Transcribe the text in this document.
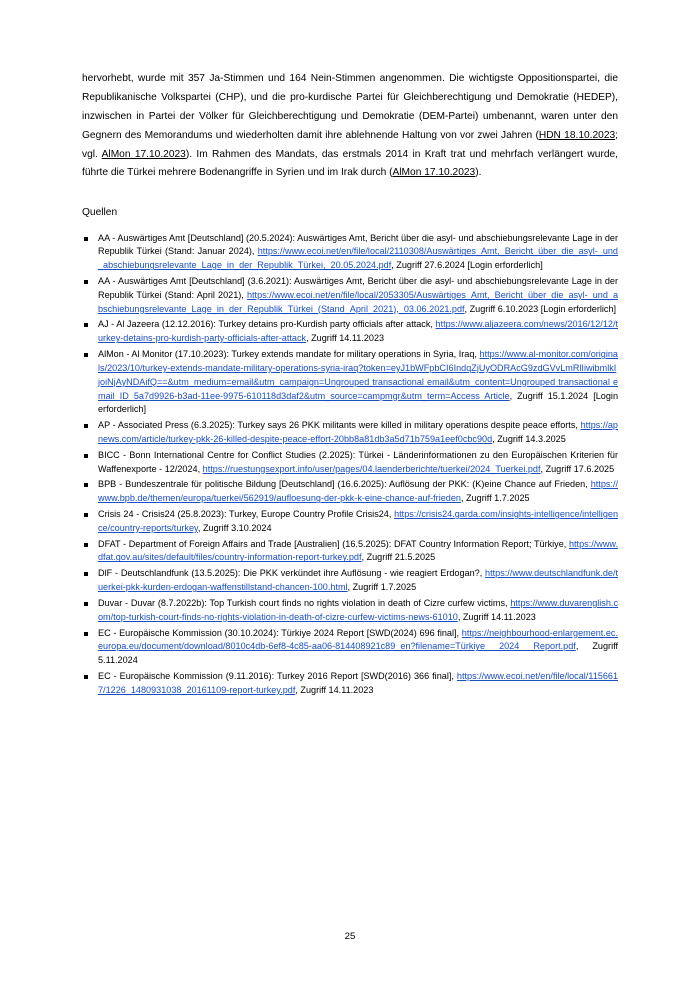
hervorhebt, wurde mit 357 Ja-Stimmen und 164 Nein-Stimmen angenommen. Die wichtigste Oppositionspartei, die Republikanische Volkspartei (CHP), und die pro-kurdische Partei für Gleichberechtigung und Demokratie (HEDEP), inzwischen in Partei der Völker für Gleichberechtigung und Demokratie (DEM-Partei) umbenannt, waren unter den Gegnern des Memorandums und wiederholten damit ihre ablehnende Haltung von vor zwei Jahren (HDN 18.10.2023; vgl. AlMon 17.10.2023). Im Rahmen des Mandats, das erstmals 2014 in Kraft trat und mehrfach verlängert wurde, führte die Türkei mehrere Bodenangriffe in Syrien und im Irak durch (AlMon 17.10.2023).

Quellen

AA - Auswärtiges Amt [Deutschland] (20.5.2024): Auswärtiges Amt, Bericht über die asyl- und abschiebungsrelevante Lage in der Republik Türkei (Stand: Januar 2024), https://www.ecoi.net/en/file/local/2110308/Auswärtiges_Amt,_Bericht_über_die_asyl-_und_abschiebungsrelevante_Lage_in_der_Republik_Türkei,_20.05.2024.pdf, Zugriff 27.6.2024 [Login erforderlich]
AA - Auswärtiges Amt [Deutschland] (3.6.2021): Auswärtiges Amt, Bericht über die asyl- und abschiebungsrelevante Lage in der Republik Türkei (Stand: April 2021), https://www.ecoi.net/en/file/local/2053305/Auswärtiges_Amt,_Bericht_über_die_asyl-_und_abschiebungsrelevante_Lage_in_der_Republik_Türkei_(Stand_April_2021),_03.06.2021.pdf, Zugriff 6.10.2023 [Login erforderlich]
AJ - Al Jazeera (12.12.2016): Turkey detains pro-Kurdish party officials after attack, https://www.aljazeera.com/news/2016/12/12/turkey-detains-pro-kurdish-party-officials-after-attack, Zugriff 14.11.2023
AlMon - Al Monitor (17.10.2023): Turkey extends mandate for military operations in Syria, Iraq, https://www.al-monitor.com/originals/2023/10/turkey-extends-mandate-military-operations-syria-iraq?token=eyJ1bWFpbCI6IndqZjUyODRAcG9zdGVvLmRlIiwibmlkIjoiNjAyNDAifQ==&utm_medium=email&utm_campaign=Ungrouped transactional email&utm_content=Ungrouped transactional email ID_5a7d9926-b3ad-11ee-9975-610118d3daf2&utm_source=campmgr&utm_term=Access Article, Zugriff 15.1.2024 [Login erforderlich]
AP - Associated Press (6.3.2025): Turkey says 26 PKK militants were killed in military operations despite peace efforts, https://apnews.com/article/turkey-pkk-26-killed-despite-peace-effort-20bb8a81db3a5d71b759a1eef0cbc90d, Zugriff 14.3.2025
BICC - Bonn International Centre for Conflict Studies (2.2025): Türkei - Länderinformationen zu den Europäischen Kriterien für Waffenexporte - 12/2024, https://ruestungsexport.info/user/pages/04.laenderberichte/tuerkei/2024_Tuerkei.pdf, Zugriff 17.6.2025
BPB - Bundeszentrale für politische Bildung [Deutschland] (16.6.2025): Auflösung der PKK: (K)eine Chance auf Frieden, https://www.bpb.de/themen/europa/tuerkei/562919/aufloesung-der-pkk-k-eine-chance-auf-frieden, Zugriff 1.7.2025
Crisis 24 - Crisis24 (25.8.2023): Turkey, Europe Country Profile Crisis24, https://crisis24.garda.com/insights-intelligence/intelligence/country-reports/turkey, Zugriff 3.10.2024
DFAT - Department of Foreign Affairs and Trade [Australien] (16.5.2025): DFAT Country Information Report; Türkiye, https://www.dfat.gov.au/sites/default/files/country-information-report-turkey.pdf, Zugriff 21.5.2025
DlF - Deutschlandfunk (13.5.2025): Die PKK verkündet ihre Auflösung - wie reagiert Erdogan?, https://www.deutschlandfunk.de/tuerkei-pkk-kurden-erdogan-waffenstillstand-chancen-100.html, Zugriff 1.7.2025
Duvar - Duvar (8.7.2022b): Top Turkish court finds no rights violation in death of Cizre curfew victims, https://www.duvarenglish.com/top-turkish-court-finds-no-rights-violation-in-death-of-cizre-curfew-victims-news-61010, Zugriff 14.11.2023
EC - Europäische Kommission (30.10.2024): Türkiye 2024 Report [SWD(2024) 696 final], https://neighbourhood-enlargement.ec.europa.eu/document/download/8010c4db-6ef8-4c85-aa06-814408921c89_en?filename=Türkiye 2024 Report.pdf, Zugriff 5.11.2024
EC - Europäische Kommission (9.11.2016): Turkey 2016 Report [SWD(2016) 366 final], https://www.ecoi.net/en/file/local/1156617/1226_1480931038_20161109-report-turkey.pdf, Zugriff 14.11.2023
25
